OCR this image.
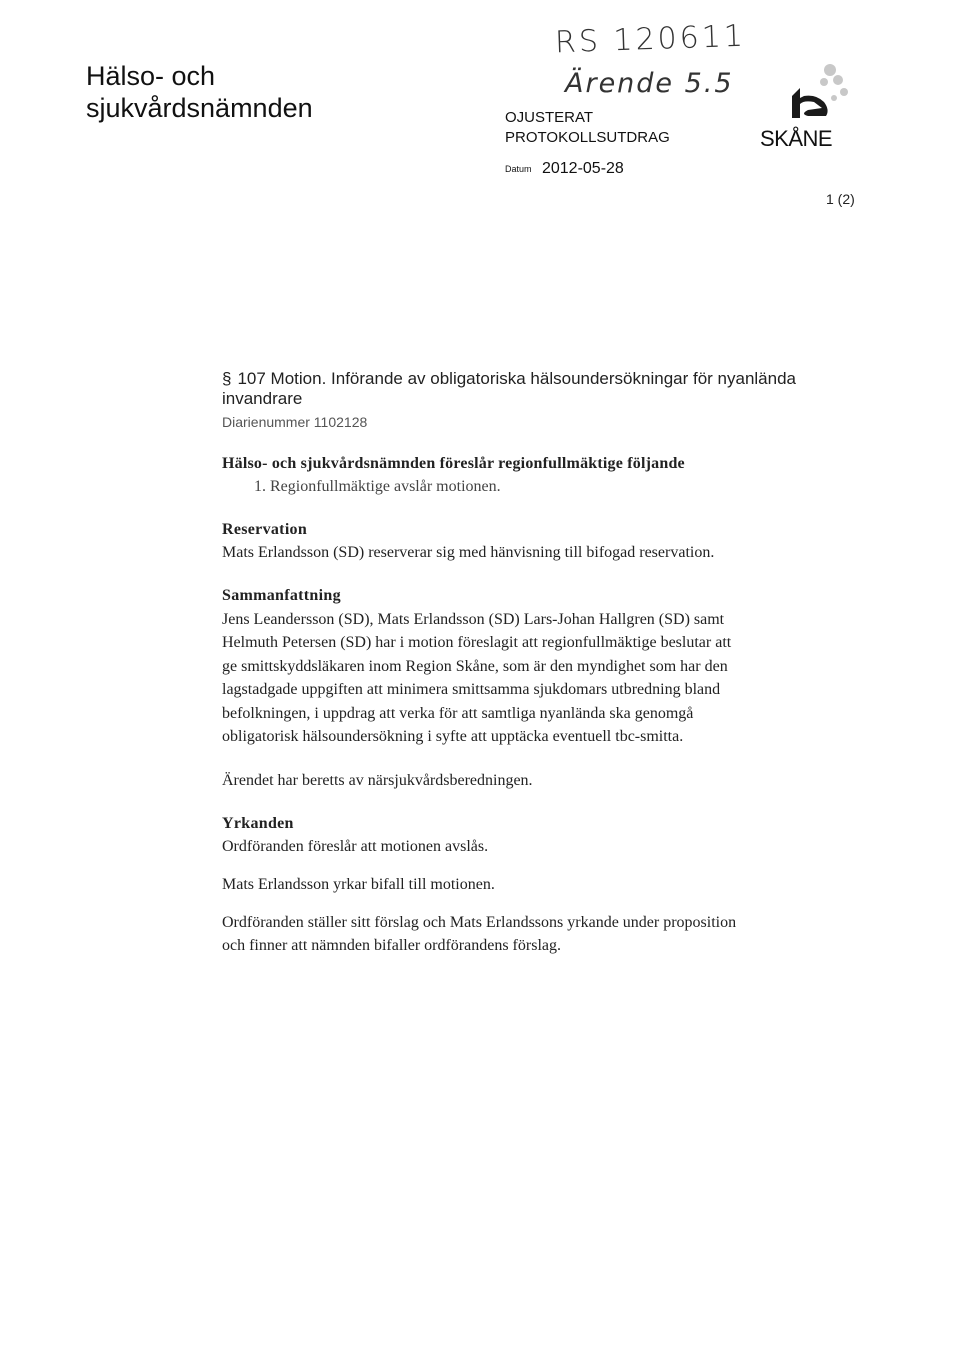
Hälso- och
sjukvårdsnämnden
RS 120611
Ärende 5.5
OJUSTERAT
PROTOKOLLSUTDRAG
Datum 2012-05-28
SKÅNE
1 (2)
§ 107 Motion. Införande av obligatoriska hälsoundersökningar för nyanlända invandrare
Diarienummer 1102128

Hälso- och sjukvårdsnämnden föreslår regionfullmäktige följande

1. Regionfullmäktige avslår motionen.

Reservation

Mats Erlandsson (SD) reserverar sig med hänvisning till bifogad reservation.

Sammanfattning

Jens Leandersson (SD), Mats Erlandsson (SD) Lars-Johan Hallgren (SD) samt

Helmuth Petersen (SD) har i motion föreslagit att regionfullmäktige beslutar att

ge smittskyddsläkaren inom Region Skåne, som är den myndighet som har den

lagstadgade uppgiften att minimera smittsamma sjukdomars utbredning bland

befolkningen, i uppdrag att verka för att samtliga nyanlända ska genomgå

obligatorisk hälsoundersökning i syfte att upptäcka eventuell tbc-smitta.

Ärendet har beretts av närsjukvårdsberedningen.

Yrkanden

Ordföranden föreslår att motionen avslås.

Mats Erlandsson yrkar bifall till motionen.

Ordföranden ställer sitt förslag och Mats Erlandssons yrkande under proposition

och finner att nämnden bifaller ordförandens förslag.
